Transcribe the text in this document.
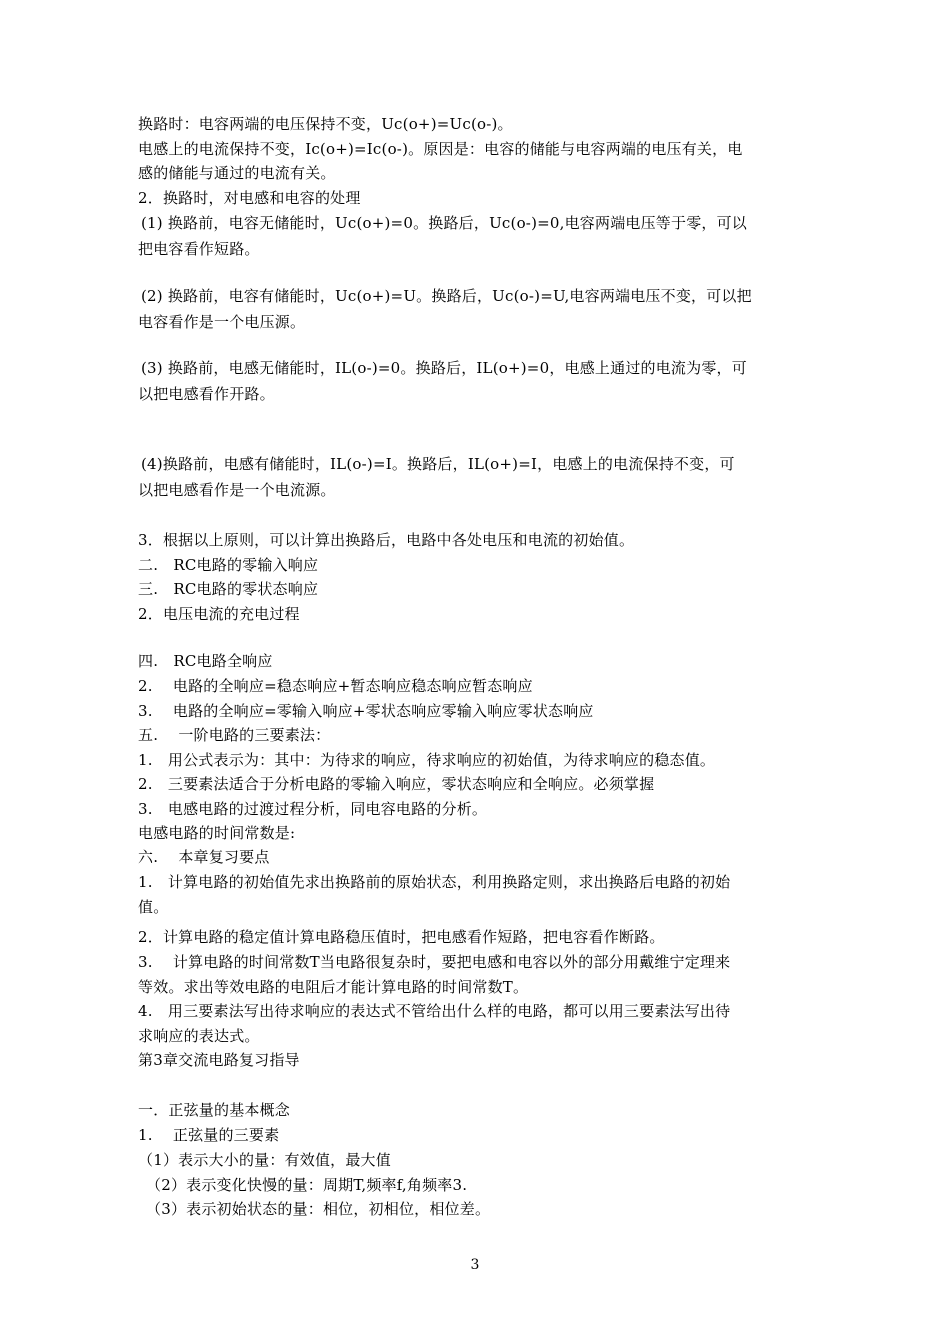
换路时：电容两端的电压保持不变，Uc(o+)=Uc(o-)。
电感上的电流保持不变，Ic(o+)=Ic(o-)。原因是：电容的储能与电容两端的电压有关，电
感的储能与通过的电流有关。
2．换路时，对电感和电容的处理
(1) 换路前，电容无储能时，Uc(o+)=0。换路后，Uc(o-)=0,电容两端电压等于零，可以
把电容看作短路。
(2) 换路前，电容有储能时，Uc(o+)=U。换路后，Uc(o-)=U,电容两端电压不变，可以把
电容看作是一个电压源。
(3) 换路前，电感无储能时，IL(o-)=0。换路后，IL(o+)=0，电感上通过的电流为零，可
以把电感看作开路。
(4)换路前，电感有储能时，IL(o-)=I。换路后，IL(o+)=I，电感上的电流保持不变，可
以把电感看作是一个电流源。
3．根据以上原则，可以计算出换路后，电路中各处电压和电流的初始值。
二.　RC电路的零输入响应
三.　RC电路的零状态响应
2．电压电流的充电过程
四.　RC电路全响应
2.　 电路的全响应=稳态响应+暂态响应稳态响应暂态响应
3.　 电路的全响应=零输入响应+零状态响应零输入响应零状态响应
五.　 一阶电路的三要素法：
1.　用公式表示为：其中：为待求的响应，待求响应的初始值，为待求响应的稳态值。
2.　三要素法适合于分析电路的零输入响应，零状态响应和全响应。必须掌握
3.　电感电路的过渡过程分析，同电容电路的分析。
电感电路的时间常数是:
六.　 本章复习要点
1.　计算电路的初始值先求出换路前的原始状态，利用换路定则，求出换路后电路的初始
值。
2．计算电路的稳定值计算电路稳压值时，把电感看作短路，把电容看作断路。
3.　 计算电路的时间常数T当电路很复杂时，要把电感和电容以外的部分用戴维宁定理来
等效。求出等效电路的电阻后才能计算电路的时间常数T。
4.　用三要素法写出待求响应的表达式不管给出什么样的电路，都可以用三要素法写出待
求响应的表达式。
第3章交流电路复习指导
一．正弦量的基本概念
1.　 正弦量的三要素
（1）表示大小的量：有效值，最大值
（2）表示变化快慢的量：周期T,频率f,角频率3.
（3）表示初始状态的量：相位，初相位，相位差。
3
